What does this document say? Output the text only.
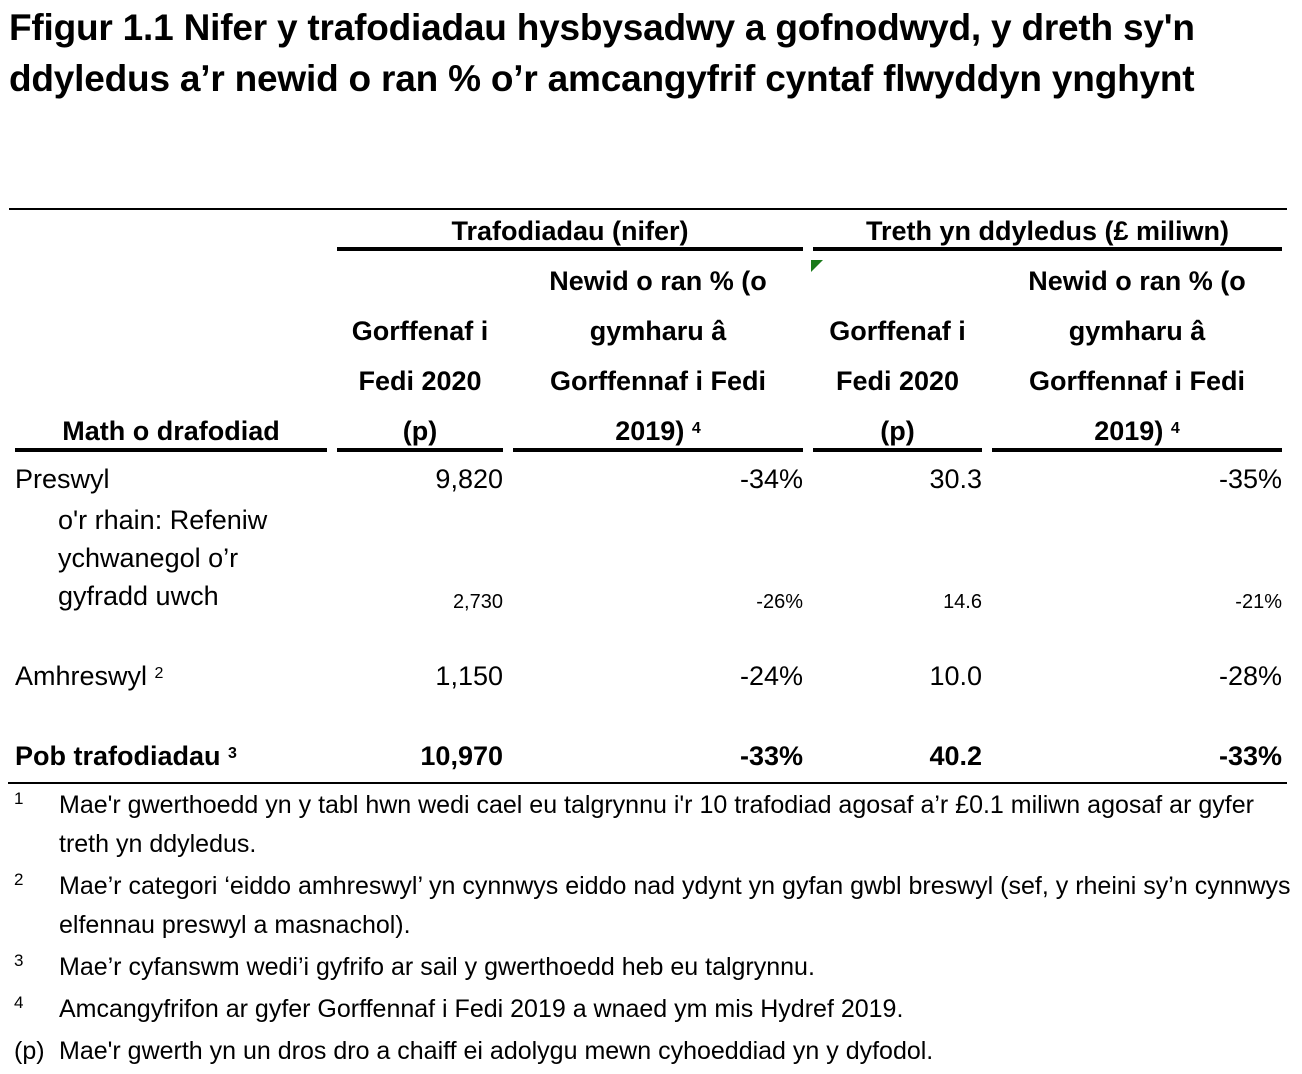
Ffigur 1.1 Nifer y trafodiadau hysbysadwy a gofnodwyd, y dreth sy'n ddyledus a’r newid o ran % o’r amcangyfrif cyntaf flwyddyn ynghynt
Trafodiadau (nifer)	Treth yn ddyledus (£ miliwn)
Math o drafodiad
Gorffenaf i
Fedi 2020
(p)
Newid o ran % (o
gymharu â
Gorffennaf i Fedi
2019) $^4$
Gorffenaf i
Fedi 2020
(p)
Newid o ran % (o
gymharu â
Gorffennaf i Fedi
2019) $^4$
Preswyl	9,820	-34%	30.3	-35%
o'r rhain: Refeniw
ychwanegol o’r
gyfradd uwch	2,730	-26%	14.6	-21%
Amhreswyl $^2$	1,150	-24%	10.0	-28%
Pob trafodiadau $^3$	10,970	-33%	40.2	-33%
1	Mae'r gwerthoedd yn y tabl hwn wedi cael eu talgrynnu i'r 10 trafodiad agosaf a’r £0.1 miliwn agosaf ar gyfer treth yn ddyledus.
2	Mae’r categori ‘eiddo amhreswyl’ yn cynnwys eiddo nad ydynt yn gyfan gwbl breswyl (sef, y rheini sy’n cynnwys elfennau preswyl a masnachol).
3	Mae’r cyfanswm wedi’i gyfrifo ar sail y gwerthoedd heb eu talgrynnu.
4	Amcangyfrifon ar gyfer Gorffennaf i Fedi 2019 a wnaed ym mis Hydref 2019.
(p) Mae'r gwerth yn un dros dro a chaiff ei adolygu mewn cyhoeddiad yn y dyfodol.
